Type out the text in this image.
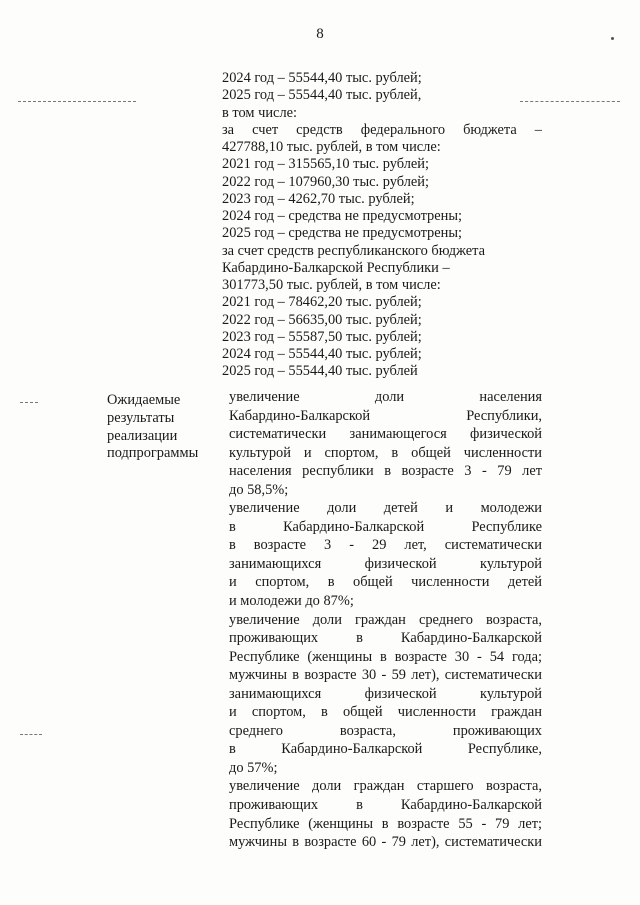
8
2024 год – 55544,40 тыс. рублей;
2025 год – 55544,40 тыс. рублей,
в том числе:
за счет средств федерального бюджета –
427788,10 тыс. рублей, в том числе:
2021 год – 315565,10 тыс. рублей;
2022 год – 107960,30 тыс. рублей;
2023 год – 4262,70 тыс. рублей;
2024 год – средства не предусмотрены;
2025 год – средства не предусмотрены;
за счет средств республиканского бюджета
Кабардино-Балкарской Республики –
301773,50 тыс. рублей, в том числе:
2021 год – 78462,20 тыс. рублей;
2022 год – 56635,00 тыс. рублей;
2023 год – 55587,50 тыс. рублей;
2024 год – 55544,40 тыс. рублей;
2025 год – 55544,40 тыс. рублей
Ожидаемые
результаты
реализации
подпрограммы
увеличение доли населения
Кабардино-Балкарской Республики,
систематически занимающегося физической
культурой и спортом, в общей численности
населения республики в возрасте 3 - 79 лет
до 58,5%;
увеличение доли детей и молодежи
в Кабардино-Балкарской Республике
в возрасте 3 - 29 лет, систематически
занимающихся физической культурой
и спортом, в общей численности детей
и молодежи до 87%;
увеличение доли граждан среднего возраста,
проживающих в Кабардино-Балкарской
Республике (женщины в возрасте 30 - 54 года;
мужчины в возрасте 30 - 59 лет), систематически
занимающихся физической культурой
и спортом, в общей численности граждан
среднего возраста, проживающих
в Кабардино-Балкарской Республике,
до 57%;
увеличение доли граждан старшего возраста,
проживающих в Кабардино-Балкарской
Республике (женщины в возрасте 55 - 79 лет;
мужчины в возрасте 60 - 79 лет), систематически
